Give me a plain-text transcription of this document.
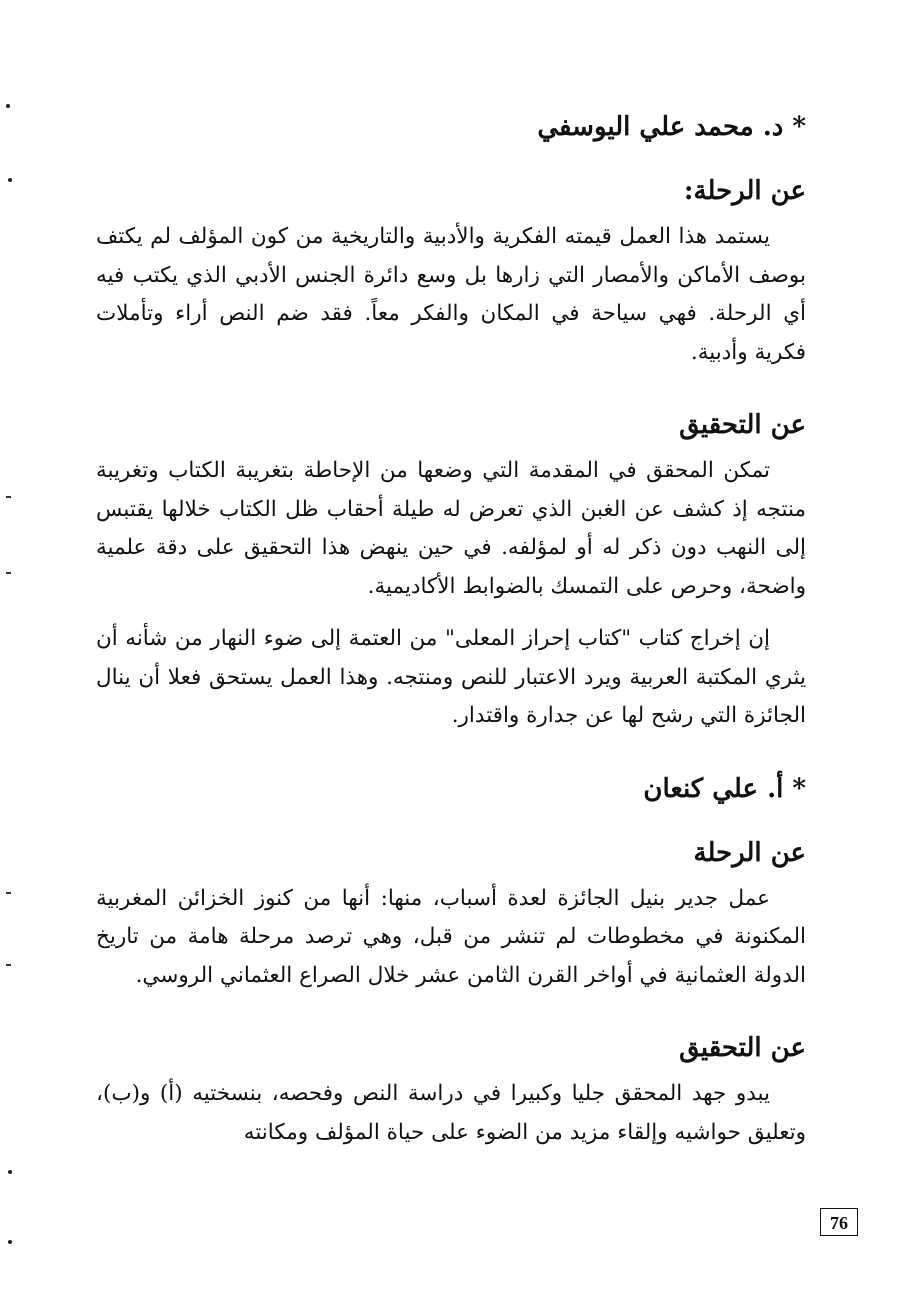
* د. محمد علي اليوسفي
عن الرحلة:

يستمد هذا العمل قيمته الفكرية والأدبية والتاريخية من كون المؤلف لم يكتف بوصف الأماكن والأمصار التي زارها بل وسع دائرة الجنس الأدبي الذي يكتب فيه أي الرحلة. فهي سياحة في المكان والفكر معاً. فقد ضم النص أراء وتأملات فكرية وأدبية.

عن التحقيق

تمكن المحقق في المقدمة التي وضعها من الإحاطة بتغريبة الكتاب وتغريبة منتجه إذ كشف عن الغبن الذي تعرض له طيلة أحقاب ظل الكتاب خلالها يقتبس إلى النهب دون ذكر له أو لمؤلفه. في حين ينهض هذا التحقيق على دقة علمية واضحة، وحرص على التمسك بالضوابط الأكاديمية.

إن إخراج كتاب "كتاب إحراز المعلى" من العتمة إلى ضوء النهار من شأنه أن يثري المكتبة العربية ويرد الاعتبار للنص ومنتجه. وهذا العمل يستحق فعلا أن ينال الجائزة التي رشح لها عن جدارة واقتدار.

* أ. علي كنعان
عن الرحلة

عمل جدير بنيل الجائزة لعدة أسباب، منها: أنها من كنوز الخزائن المغربية المكنونة في مخطوطات لم تنشر من قبل، وهي ترصد مرحلة هامة من تاريخ الدولة العثمانية في أواخر القرن الثامن عشر خلال الصراع العثماني الروسي.

عن التحقيق

يبدو جهد المحقق جليا وكبيرا في دراسة النص وفحصه، بنسختيه (أ) و(ب)، وتعليق حواشيه وإلقاء مزيد من الضوء على حياة المؤلف ومكانته

76
